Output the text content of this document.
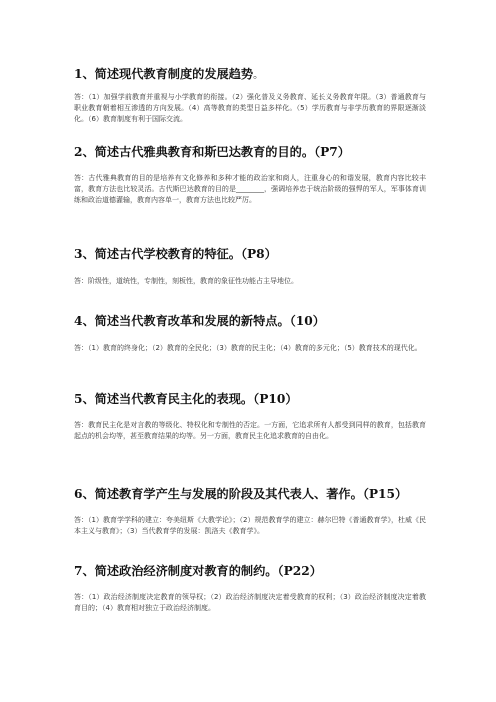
1、简述现代教育制度的发展趋势。

答：（1）加强学前教育并重视与小学教育的衔接。（2）强化普及义务教育、延长义务教育年限。（3）普通教育与职业教育朝着相互渗透的方向发展。（4）高等教育的类型日益多样化。（5）学历教育与非学历教育的界限逐渐淡化。（6）教育制度有利于国际交流。

2、简述古代雅典教育和斯巴达教育的目的。（P7）

答：古代雅典教育的目的是培养有文化修养和多种才能的政治家和商人，注重身心的和谐发展，教育内容比较丰富，教育方法也比较灵活。古代斯巴达教育的目的是________，强调培养忠于统治阶级的强悍的军人，军事体育训练和政治道德灌输，教育内容单一，教育方法也比较严厉。

3、简述古代学校教育的特征。（P8）

答：阶级性，道统性，专制性，刻板性，教育的象征性功能占主导地位。

4、简述当代教育改革和发展的新特点。（10）

答：（1）教育的终身化；（2）教育的全民化；（3）教育的民主化；（4）教育的多元化；（5）教育技术的现代化。

5、简述当代教育民主化的表现。（P10）

答：教育民主化是对言教的等级化、特权化和专制性的否定。一方面，它追求所有人都受到同样的教育，包括教育起点的机会均等，甚至教育结果的均等。另一方面，教育民主化追求教育的自由化。

6、简述教育学产生与发展的阶段及其代表人、著作。（P15）

答：（1）教育学学科的建立：夸美纽斯《大教学论》；（2）规范教育学的建立：赫尔巴特《普通教育学》，杜威《民本主义与教育》；（3）当代教育学的发展：凯洛夫《教育学》。

7、简述政治经济制度对教育的制约。（P22）

答：（1）政治经济制度决定教育的领导权；（2）政治经济制度决定着受教育的权利；（3）政治经济制度决定着教育目的；（4）教育相对独立于政治经济制度。
